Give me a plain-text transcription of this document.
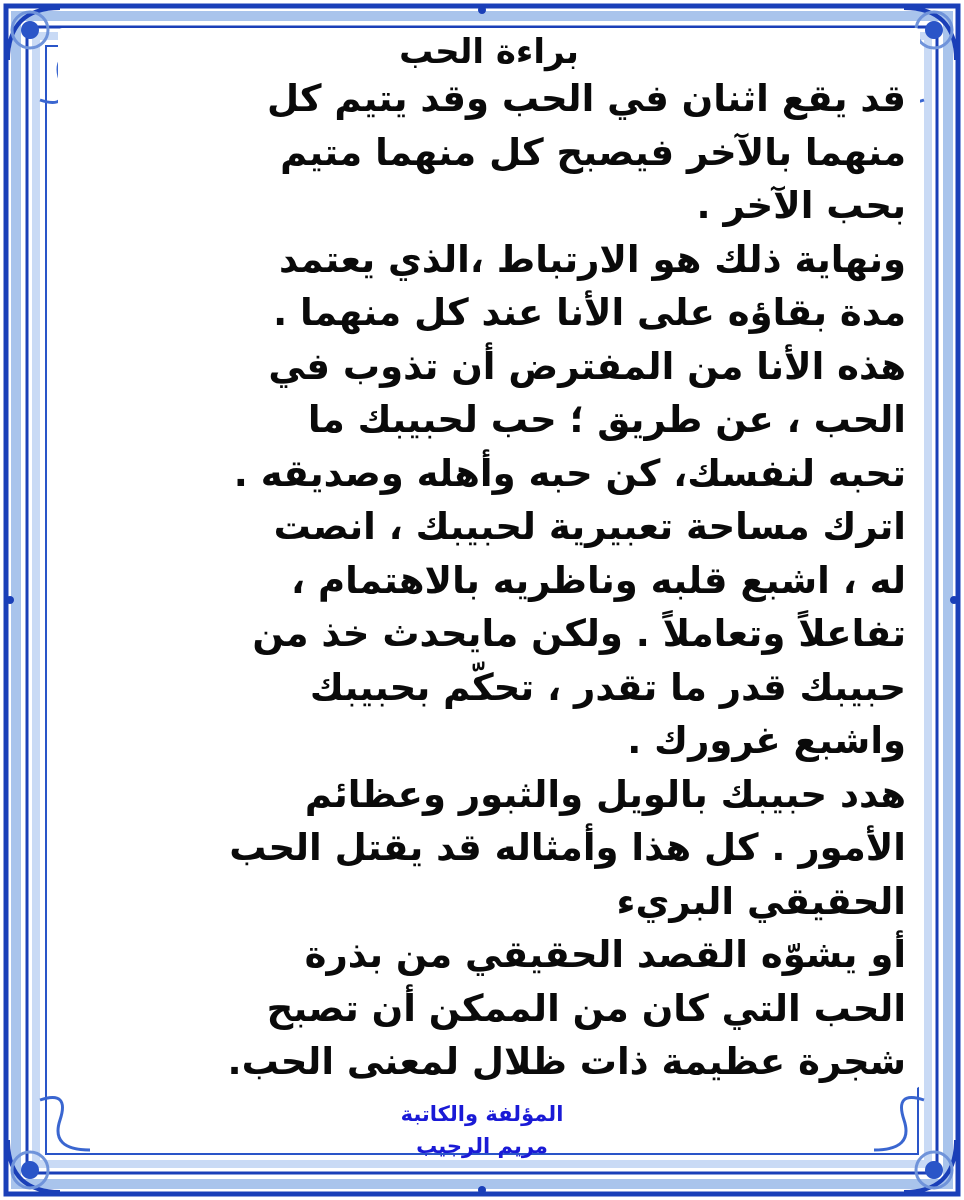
براءة الحب
قد يقع اثنان في الحب وقد يتيم كل
منهما بالآخر فيصبح كل منهما متيم
بحب الآخر .
ونهاية ذلك هو الارتباط ،الذي يعتمد
مدة بقاؤه على الأنا عند كل منهما .
هذه الأنا من المفترض أن تذوب في
الحب ، عن طريق ؛ حب لحبيبك ما
تحبه لنفسك، كن حبه وأهله وصديقه .
اترك مساحة تعبيرية لحبيبك ، انصت
له ، اشبع قلبه وناظريه بالاهتمام ،
تفاعلاً وتعاملاً . ولكن مايحدث خذ من
حبيبك قدر ما تقدر ، تحكّم بحبيبك
واشبع غرورك .
هدد حبيبك بالويل والثبور وعظائم
الأمور . كل هذا وأمثاله قد يقتل الحب
الحقيقي البريء
أو يشوّه القصد الحقيقي من بذرة
الحب التي كان من الممكن أن تصبح
شجرة عظيمة ذات ظلال لمعنى الحب.
المؤلفة والكاتبة
مريم الرجيب
